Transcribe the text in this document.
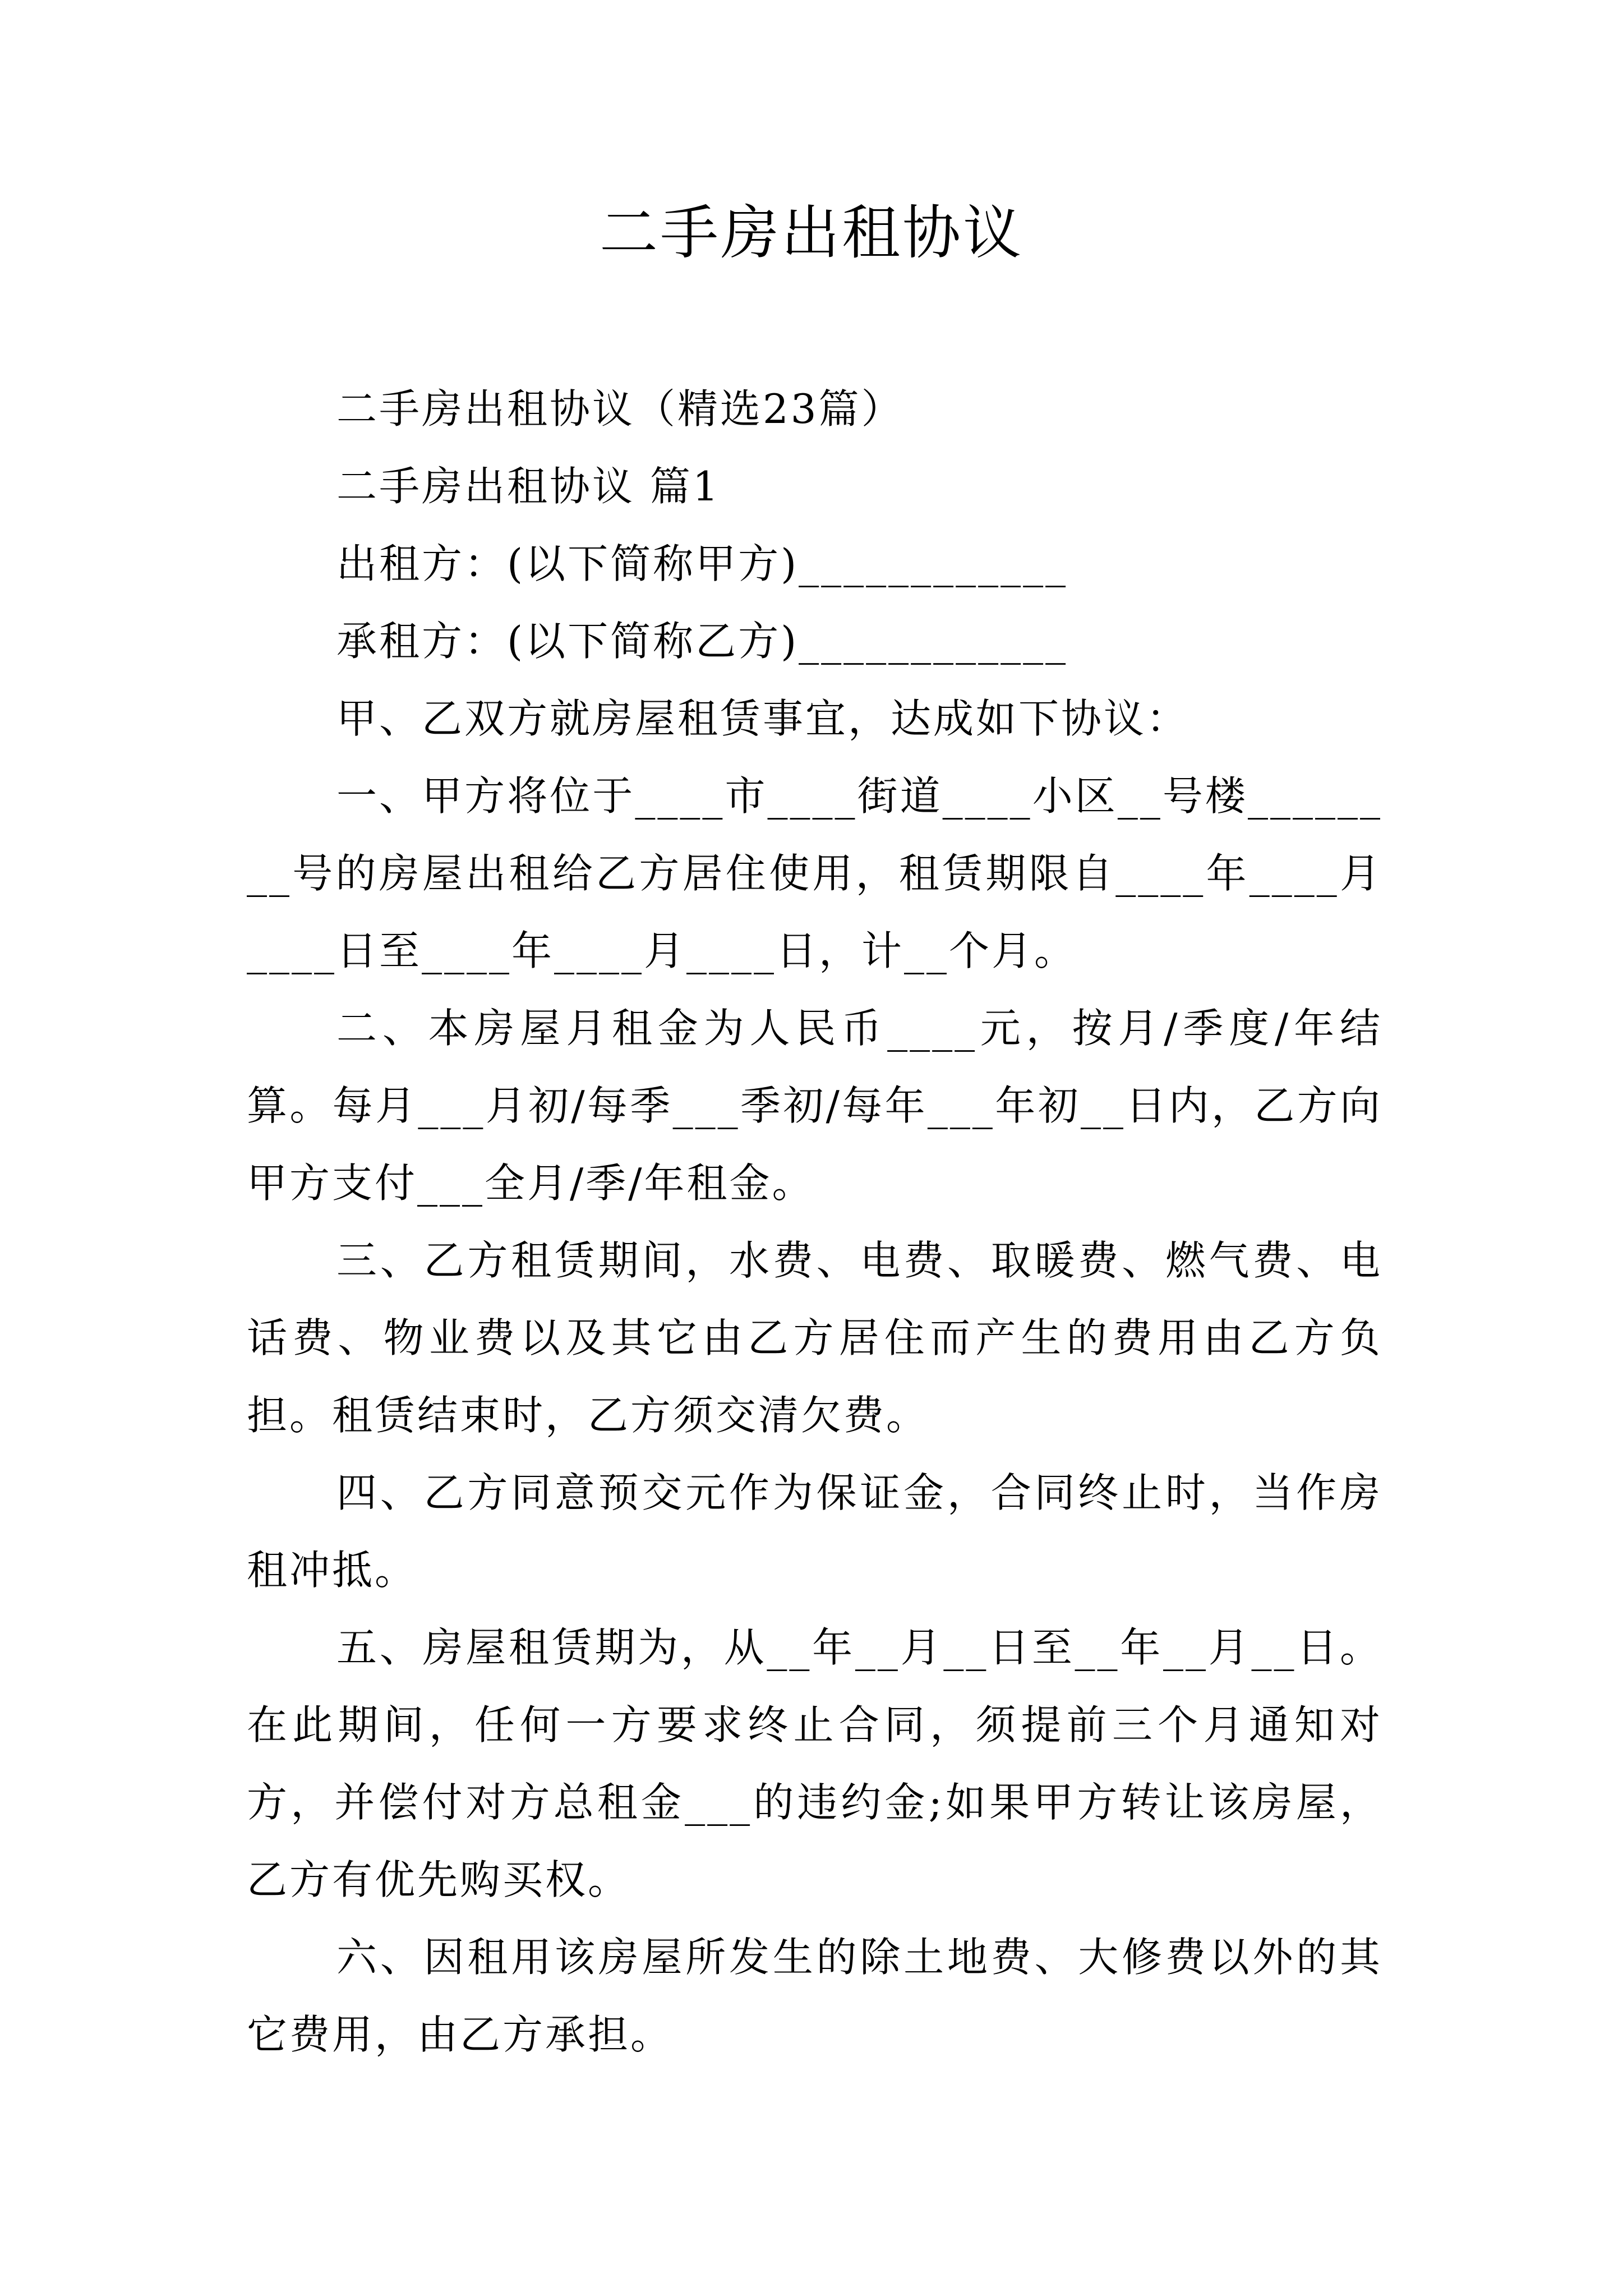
二手房出租协议

二手房出租协议（精选23篇）

二手房出租协议 篇1

出租方：(以下简称甲方)____________

承租方：(以下简称乙方)____________

甲、乙双方就房屋租赁事宜，达成如下协议：

一、甲方将位于____市____街道____小区__号楼________号的房屋出租给乙方居住使用，租赁期限自____年____月____日至____年____月____日，计__个月。

二、本房屋月租金为人民币____元，按月/季度/年结算。每月___月初/每季___季初/每年___年初__日内，乙方向甲方支付___全月/季/年租金。

三、乙方租赁期间，水费、电费、取暖费、燃气费、电话费、物业费以及其它由乙方居住而产生的费用由乙方负担。租赁结束时，乙方须交清欠费。

四、乙方同意预交元作为保证金，合同终止时，当作房租冲抵。

五、房屋租赁期为，从__年__月__日至__年__月__日。在此期间，任何一方要求终止合同，须提前三个月通知对方，并偿付对方总租金___的违约金;如果甲方转让该房屋，乙方有优先购买权。

六、因租用该房屋所发生的除土地费、大修费以外的其它费用，由乙方承担。
